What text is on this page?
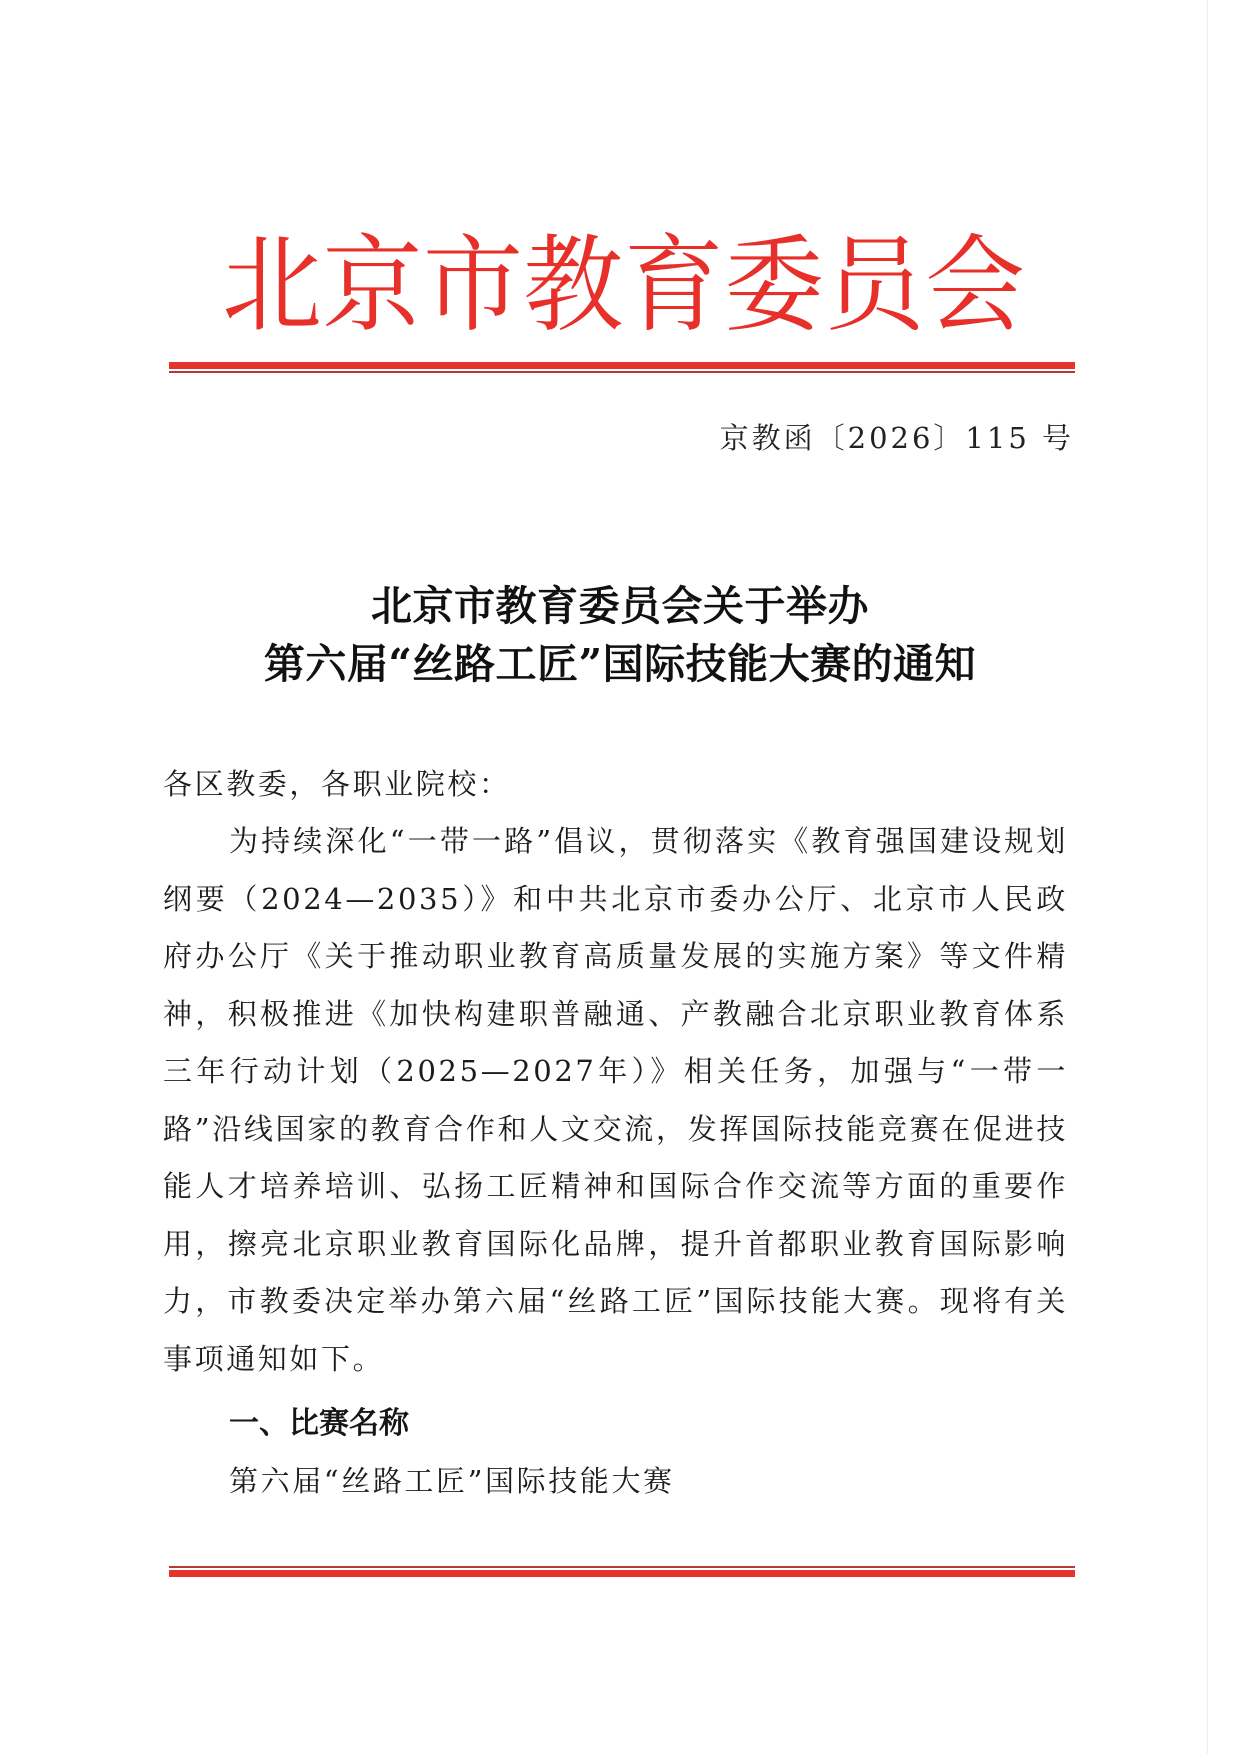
北 京 市 教 育 委 员 会
京教函〔2026〕115 号
北京市教育委员会关于举办
第六届“丝路工匠”国际技能大赛的通知

各区教委，各职业院校：

为持续深化“一带一路”倡议，贯彻落实《教育强国建设规划纲要（2024—2035）》和中共北京市委办公厅、北京市人民政府办公厅《关于推动职业教育高质量发展的实施方案》等文件精神，积极推进《加快构建职普融通、产教融合北京职业教育体系三年行动计划（2025—2027年）》相关任务，加强与“一带一路”沿线国家的教育合作和人文交流，发挥国际技能竞赛在促进技能人才培养培训、弘扬工匠精神和国际合作交流等方面的重要作用，擦亮北京职业教育国际化品牌，提升首都职业教育国际影响力，市教委决定举办第六届“丝路工匠”国际技能大赛。现将有关事项通知如下。

一、比赛名称
第六届“丝路工匠”国际技能大赛
